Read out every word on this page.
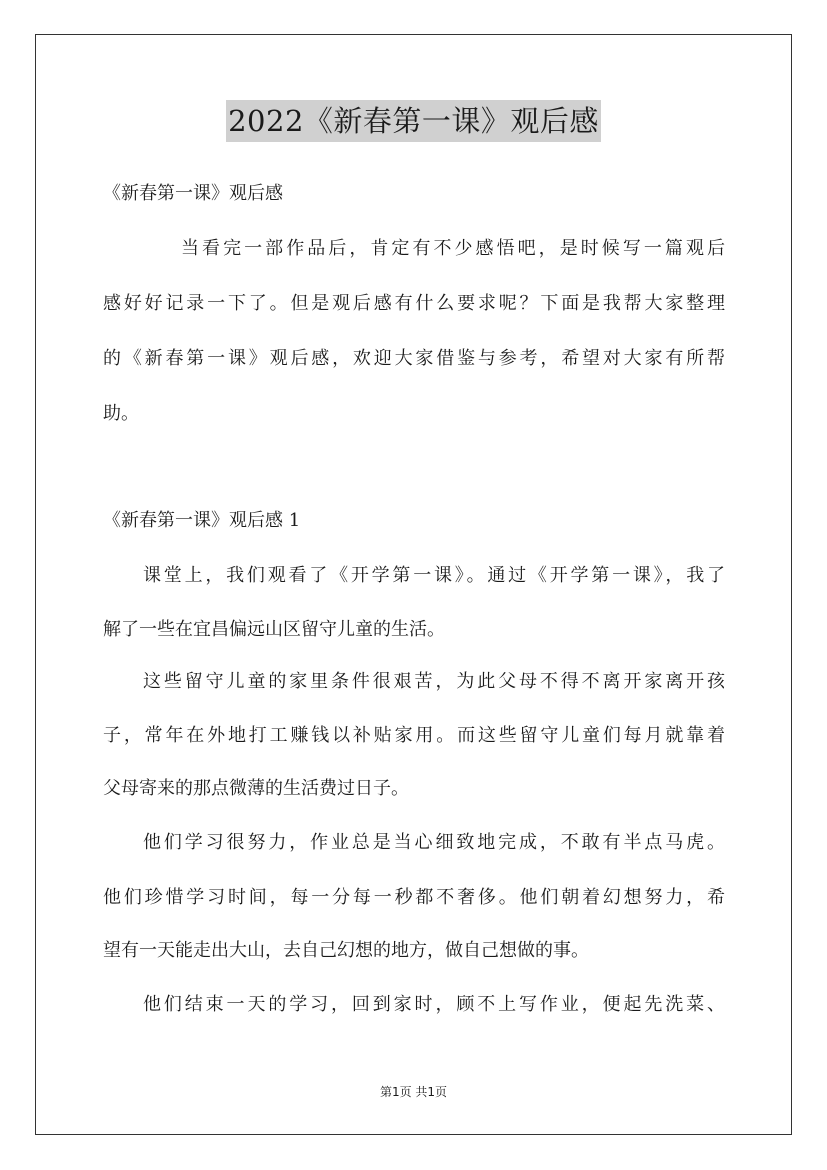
2022《新春第一课》观后感
《新春第一课》观后感
当看完一部作品后，肯定有不少感悟吧，是时候写一篇观后
感好好记录一下了。但是观后感有什么要求呢？下面是我帮大家整理
的《新春第一课》观后感，欢迎大家借鉴与参考，希望对大家有所帮
助。
《新春第一课》观后感 1
课堂上，我们观看了《开学第一课》。通过《开学第一课》，我了
解了一些在宜昌偏远山区留守儿童的生活。
这些留守儿童的家里条件很艰苦，为此父母不得不离开家离开孩
子，常年在外地打工赚钱以补贴家用。而这些留守儿童们每月就靠着
父母寄来的那点微薄的生活费过日子。
他们学习很努力，作业总是当心细致地完成，不敢有半点马虎。
他们珍惜学习时间，每一分每一秒都不奢侈。他们朝着幻想努力，希
望有一天能走出大山，去自己幻想的地方，做自己想做的事。
他们结束一天的学习，回到家时，顾不上写作业，便起先洗菜、
第1页 共1页
